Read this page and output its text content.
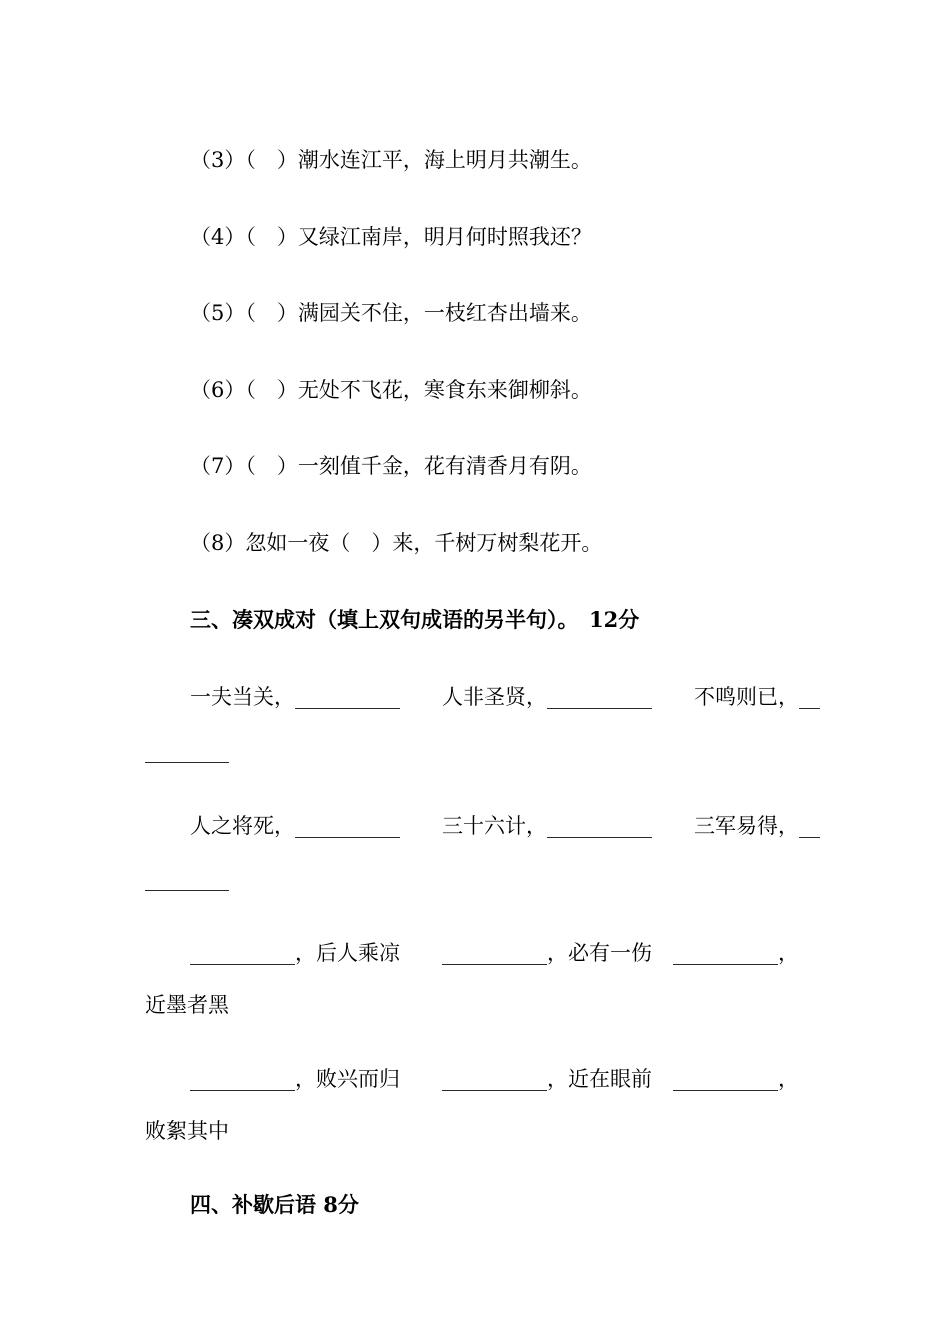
（3）（　）潮水连江平，海上明月共潮生。
（4）（　）又绿江南岸，明月何时照我还？
（5）（　）满园关不住，一枝红杏出墙来。
（6）（　）无处不飞花，寒食东来御柳斜。
（7）（　）一刻值千金，花有清香月有阴。
（8）忽如一夜（　）来，千树万树梨花开。
三、凑双成对（填上双句成语的另半句）。　12分
一夫当关，__________　　人非圣贤，__________　　不鸣则已，__
________
人之将死，__________　　三十六计，__________　　三军易得，__
________
__________，后人乘凉　　__________，必有一伤　__________，
近墨者黑
__________，败兴而归　　__________，近在眼前　__________，
败絮其中
四、补歇后语 8分
